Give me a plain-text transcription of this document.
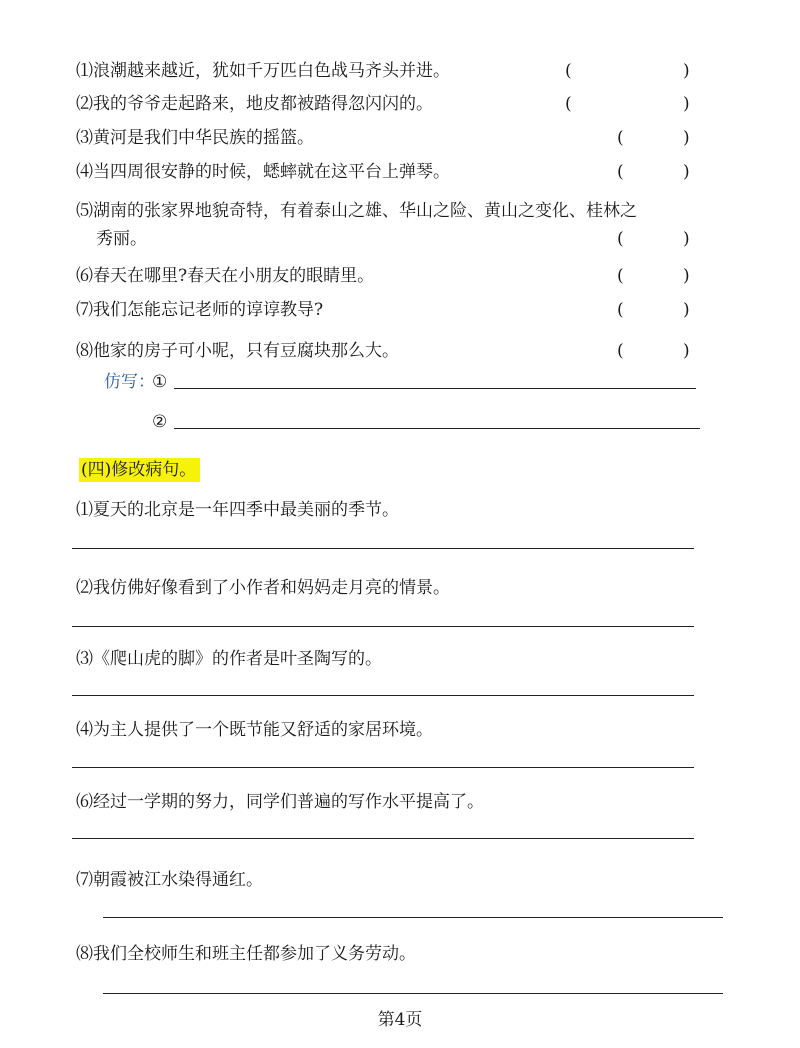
⑴浪潮越来越近，犹如千万匹白色战马齐头并进。	(	)
⑵我的爷爷走起路来，地皮都被踏得忽闪闪的。	(	)
⑶黄河是我们中华民族的摇篮。	(	)
⑷当四周很安静的时候，蟋蟀就在这平台上弹琴。	(	)
⑸湖南的张家界地貌奇特，有着泰山之雄、华山之险、黄山之变化、桂林之
秀丽。	(	)
⑹春天在哪里?春天在小朋友的眼睛里。	(	)
⑺我们怎能忘记老师的谆谆教导?	(	)
⑻他家的房子可小呢，只有豆腐块那么大。	(	)
仿写：
①
②
(四)修改病句。
⑴夏天的北京是一年四季中最美丽的季节。
⑵我仿佛好像看到了小作者和妈妈走月亮的情景。
⑶《爬山虎的脚》的作者是叶圣陶写的。
⑷为主人提供了一个既节能又舒适的家居环境。
⑹经过一学期的努力，同学们普遍的写作水平提高了。
⑺朝霞被江水染得通红。
⑻我们全校师生和班主任都参加了义务劳动。
第4页
